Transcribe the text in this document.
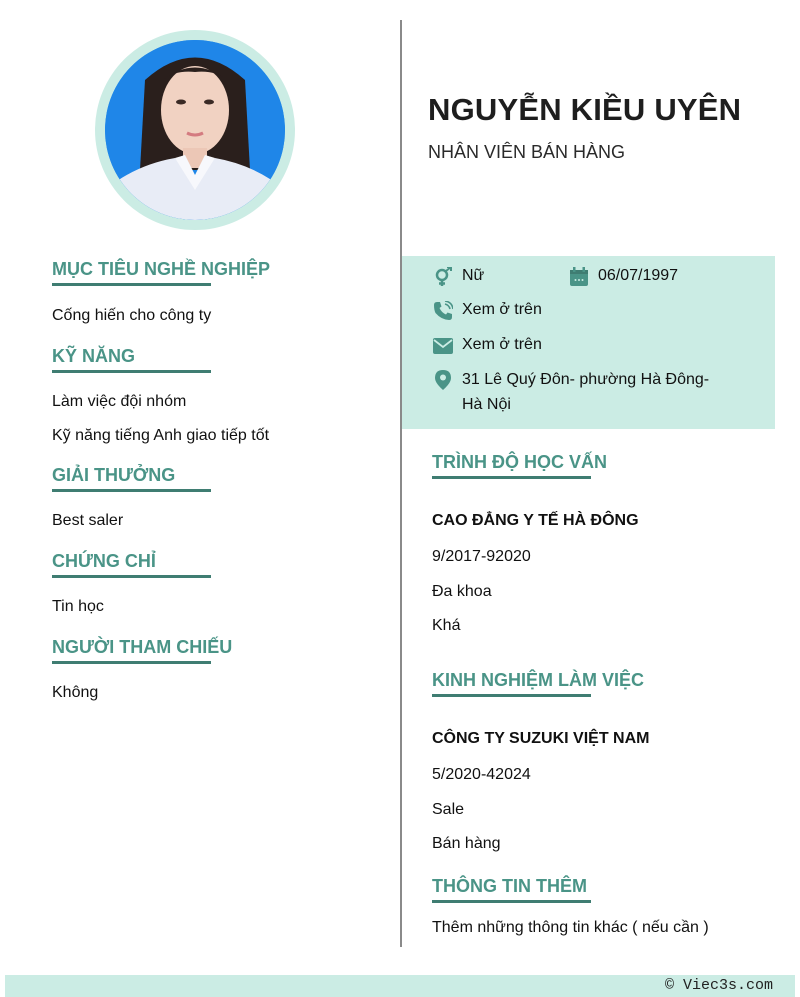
NGUYỄN KIỀU UYÊN
NHÂN VIÊN BÁN HÀNG
Nữ	06/07/1997
Xem ở trên
Xem ở trên
31 Lê Quý Đôn- phường Hà Đông-
Hà Nội
MỤC TIÊU NGHỀ NGHIỆP
Cống hiến cho công ty
KỸ NĂNG
Làm việc đội nhóm
Kỹ năng tiếng Anh giao tiếp tốt
GIẢI THƯỞNG
Best saler
CHỨNG CHỈ
Tin học
NGƯỜI THAM CHIẾU
Không
TRÌNH ĐỘ HỌC VẤN
CAO ĐẲNG Y TẾ HÀ ĐÔNG
9/2017-92020
Đa khoa
Khá
KINH NGHIỆM LÀM VIỆC
CÔNG TY SUZUKI VIỆT NAM
5/2020-42024
Sale
Bán hàng
THÔNG TIN THÊM
Thêm những thông tin khác ( nếu cần )
© Viec3s.com
